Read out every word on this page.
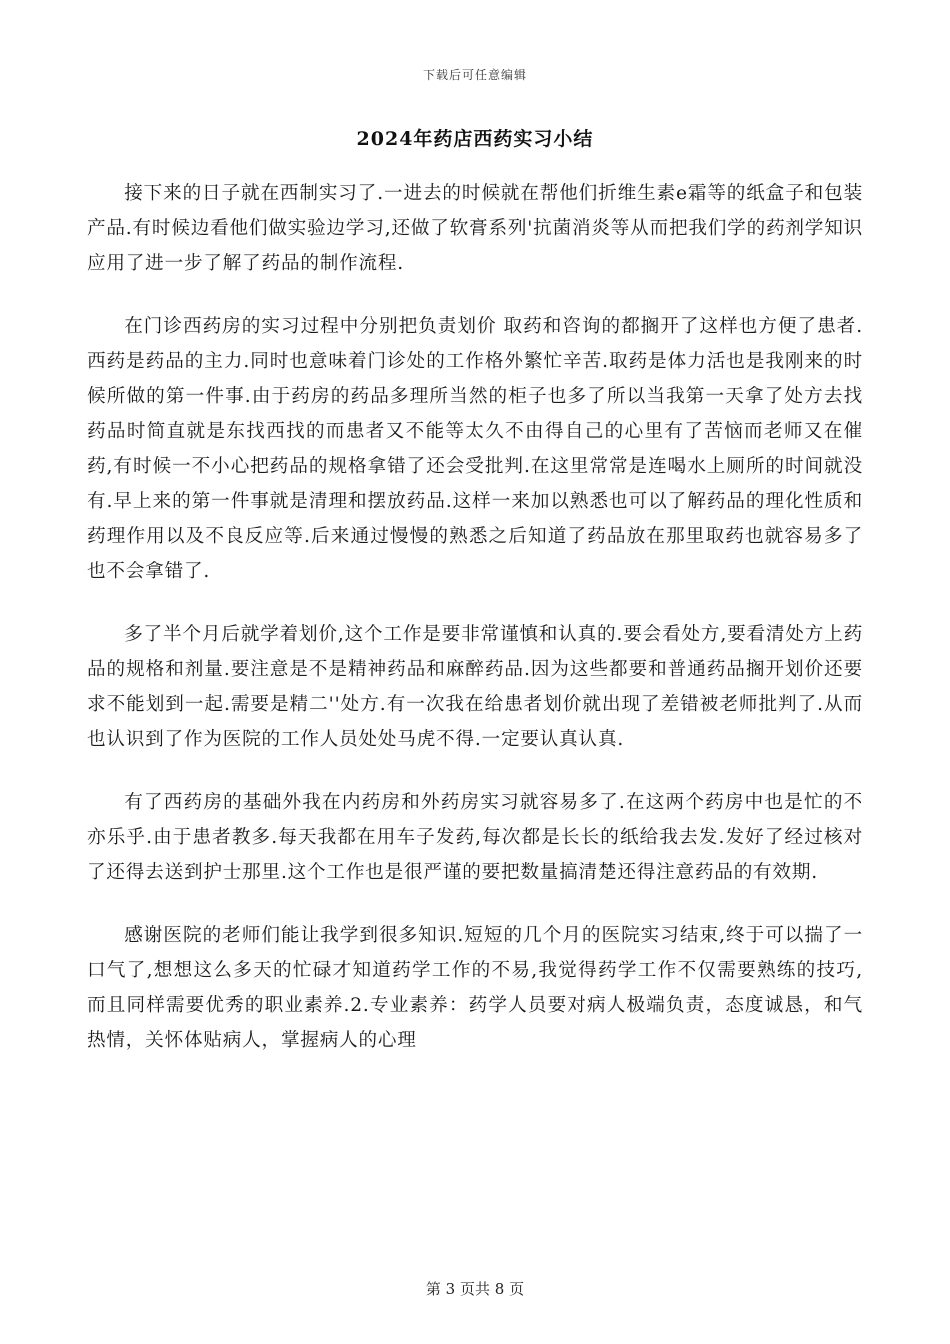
下载后可任意编辑
2024年药店西药实习小结

接下来的日子就在西制实习了.一进去的时候就在帮他们折维生素e霜等的纸盒子和包装产品.有时候边看他们做实验边学习,还做了软膏系列'抗菌消炎等从而把我们学的药剂学知识应用了进一步了解了药品的制作流程.

在门诊西药房的实习过程中分别把负责划价 取药和咨询的都搁开了这样也方便了患者.西药是药品的主力.同时也意味着门诊处的工作格外繁忙辛苦.取药是体力活也是我刚来的时候所做的第一件事.由于药房的药品多理所当然的柜子也多了所以当我第一天拿了处方去找药品时简直就是东找西找的而患者又不能等太久不由得自己的心里有了苦恼而老师又在催药,有时候一不小心把药品的规格拿错了还会受批判.在这里常常是连喝水上厕所的时间就没有.早上来的第一件事就是清理和摆放药品.这样一来加以熟悉也可以了解药品的理化性质和药理作用以及不良反应等.后来通过慢慢的熟悉之后知道了药品放在那里取药也就容易多了也不会拿错了.

多了半个月后就学着划价,这个工作是要非常谨慎和认真的.要会看处方,要看清处方上药品的规格和剂量.要注意是不是精神药品和麻醉药品.因为这些都要和普通药品搁开划价还要求不能划到一起.需要是精二''处方.有一次我在给患者划价就出现了差错被老师批判了.从而也认识到了作为医院的工作人员处处马虎不得.一定要认真认真.

有了西药房的基础外我在内药房和外药房实习就容易多了.在这两个药房中也是忙的不亦乐乎.由于患者教多.每天我都在用车子发药,每次都是长长的纸给我去发.发好了经过核对了还得去送到护士那里.这个工作也是很严谨的要把数量搞清楚还得注意药品的有效期.

感谢医院的老师们能让我学到很多知识.短短的几个月的医院实习结束,终于可以揣了一口气了,想想这么多天的忙碌才知道药学工作的不易,我觉得药学工作不仅需要熟练的技巧,而且同样需要优秀的职业素养.2.专业素养：药学人员要对病人极端负责，态度诚恳，和气热情，关怀体贴病人，掌握病人的心理

第 3 页共 8 页
